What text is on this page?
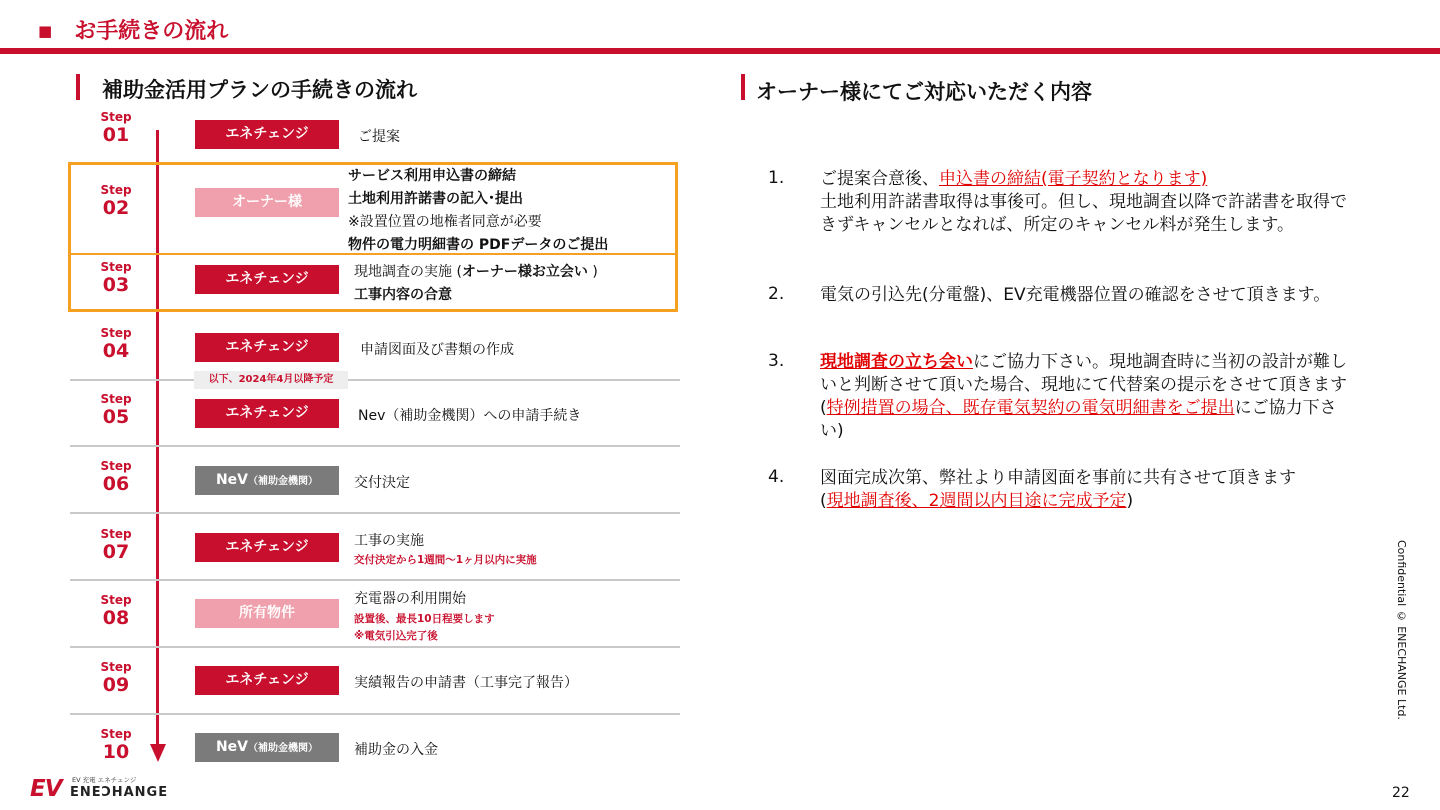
■ お手続きの流れ
補助金活用プランの手続きの流れ	オーナー様にてご対応いただく内容
Step
01	エネチェンジ	ご提案
Step
02	オーナー様
サービス利用申込書の締結
土地利用許諾書の記入･提出
※設置位置の地権者同意が必要
物件の電力明細書の PDFデータのご提出
Step
03	エネチェンジ	現地調査の実施 (オーナー様お立会い )
工事内容の合意
Step
04	エネチェンジ	申請図面及び書類の作成
以下、2024年4月以降予定
Step
05	エネチェンジ	Nev（補助金機関）への申請手続き
Step
06	NeV（補助金機関）	交付決定
Step
07	エネチェンジ	工事の実施
交付決定から1週間～1ヶ月以内に実施
Step
08	所有物件
充電器の利用開始
設置後、最長10日程要します
※電気引込完了後
Step
09	エネチェンジ	実績報告の申請書（工事完了報告）
Step
10	NeV（補助金機関）	補助金の入金
1. ご提案合意後、申込書の締結(電子契約となります)
土地利用許諾書取得は事後可。但し、現地調査以降で許諾書を取得できずキャンセルとなれば、所定のキャンセル料が発生します。
2. 電気の引込先(分電盤)、EV充電機器位置の確認をさせて頂きます。
3. 現地調査の立ち会いにご協力下さい。現地調査時に当初の設計が難しいと判断させて頂いた場合、現地にて代替案の提示をさせて頂きます(特例措置の場合、既存電気契約の電気明細書をご提出にご協力下さい)
4. 図面完成次第、弊社より申請図面を事前に共有させて頂きます
(現地調査後、2週間以内目途に完成予定)
Confidential © ENECHANGE Ltd.
22
EV EV 充電 エネチェンジ
ENEϽHANGE
